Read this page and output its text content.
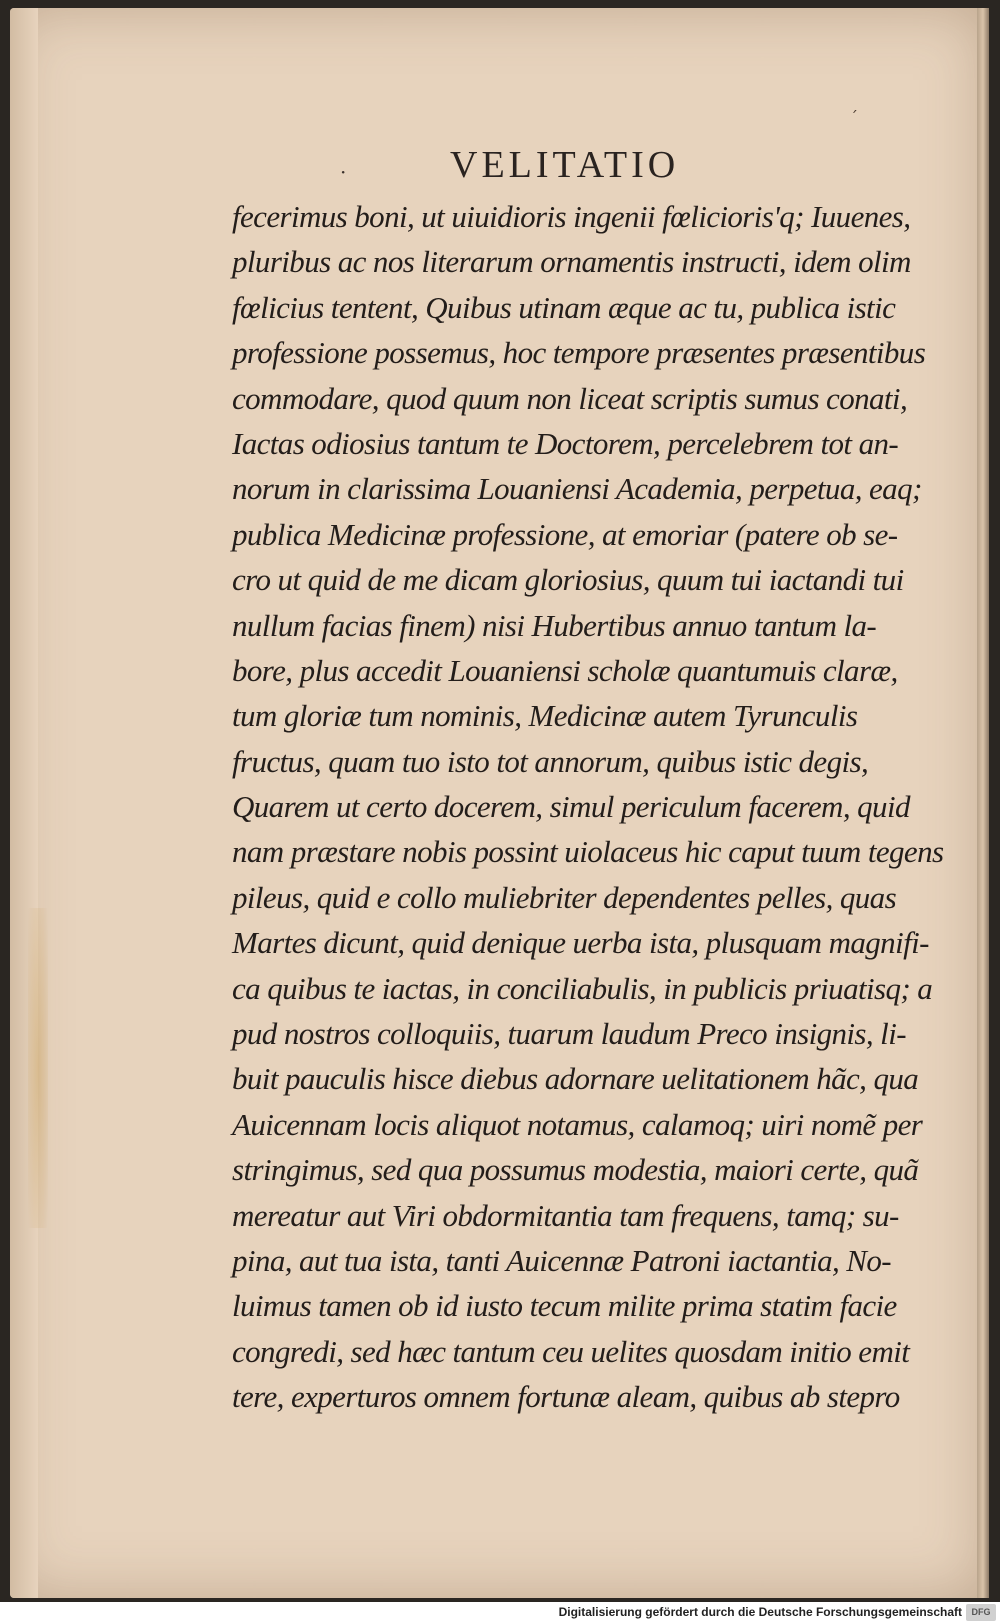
´
·	VELITATIO
fecerimus boni, ut uiuidioris ingenii fœlicioris'q; Iuuenes,
pluribus ac nos literarum ornamentis instructi, idem olim
fœlicius tentent, Quibus utinam æque ac tu, publica istic
professione possemus, hoc tempore præsentes præsentibus
commodare, quod quum non liceat scriptis sumus conati,
Iactas odiosius tantum te Doctorem, percelebrem tot an-
norum in clarissima Louaniensi Academia, perpetua, eaq;
publica Medicinæ professione, at emoriar (patere ob se-
cro ut quid de me dicam gloriosius, quum tui iactandi tui
nullum facias finem) nisi Hubertibus annuo tantum la-
bore, plus accedit Louaniensi scholæ quantumuis claræ,
tum gloriæ tum nominis, Medicinæ autem Tyrunculis
fructus, quam tuo isto tot annorum, quibus istic degis,
Quarem ut certo docerem, simul periculum facerem, quid
nam præstare nobis possint uiolaceus hic caput tuum tegens
pileus, quid e collo muliebriter dependentes pelles, quas
Martes dicunt, quid denique uerba ista, plusquam magnifi-
ca quibus te iactas, in conciliabulis, in publicis priuatisq; a
pud nostros colloquiis, tuarum laudum Preco insignis, li-
buit pauculis hisce diebus adornare uelitationem hãc, qua
Auicennam locis aliquot notamus, calamoq; uiri nomẽ per
stringimus, sed qua possumus modestia, maiori certe, quã
mereatur aut Viri obdormitantia tam frequens, tamq; su-
pina, aut tua ista, tanti Auicennæ Patroni iactantia, No-
luimus tamen ob id iusto tecum milite prima statim facie
congredi, sed hæc tantum ceu uelites quosdam initio emit
tere, experturos omnem fortunæ aleam, quibus ab stepro
Digitalisierung gefördert durch die Deutsche Forschungsgemeinschaft	DFG
